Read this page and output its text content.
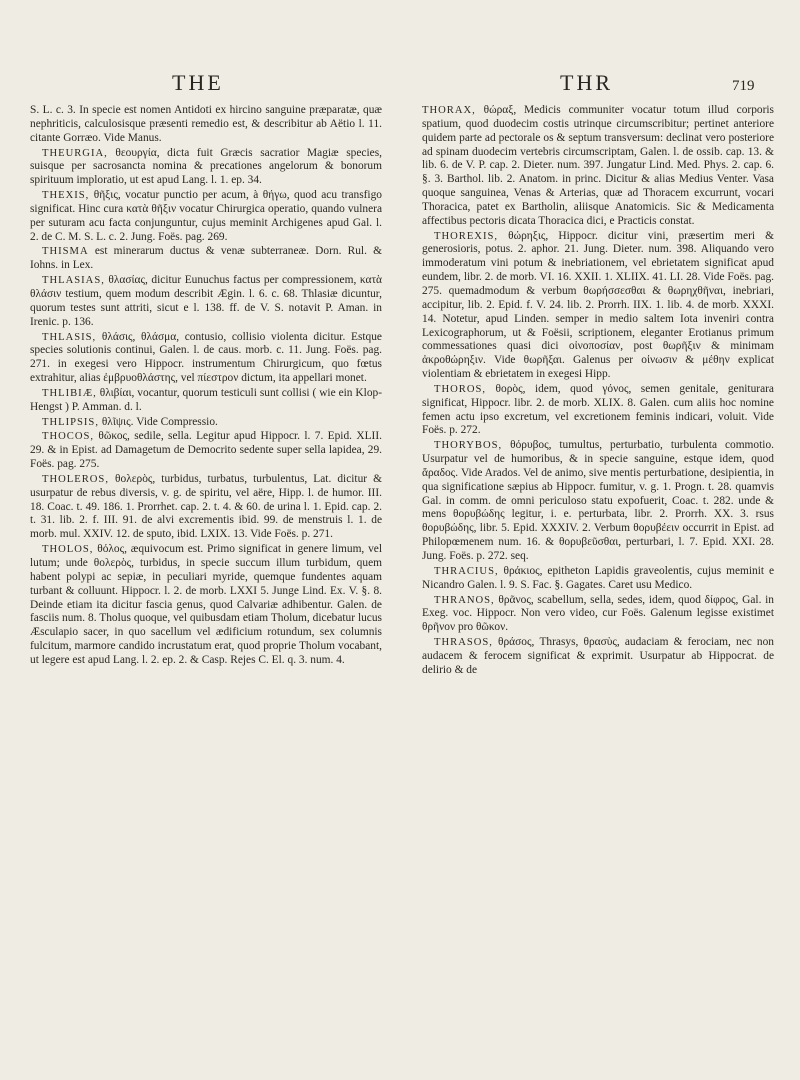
THE	THR	719

S. L. c. 3. In specie est nomen Antidoti ex hircino sanguine præparatæ, quæ nephriticis, calculosisque præsenti remedio est, & describitur ab Aëtio l. 11. citante Gorræo. Vide Manus.

THEURGIA, θεουργία, dicta fuit Græcis sacratior Magiæ species, suisque per sacrosancta nomina & precationes angelorum & bonorum spirituum imploratio, ut est apud Lang. l. 1. ep. 34.

THEXIS, θῆξις, vocatur punctio per acum, à θήγω, quod acu transfigo significat. Hinc cura κατὰ θῆξιν vocatur Chirurgica operatio, quando vulnera per suturam acu facta conjunguntur, cujus meminit Archigenes apud Gal. l. 2. de C. M. S. L. c. 2. Jung. Foës. pag. 269.

THISMA est minerarum ductus & venæ subterraneæ. Dorn. Rul. & Iohns. in Lex.

THLASIAS, θλασίας, dicitur Eunuchus factus per compressionem, κατὰ θλάσιν testium, quem modum describit Ægin. l. 6. c. 68. Thlasiæ dicuntur, quorum testes sunt attriti, sicut e l. 138. ff. de V. S. notavit P. Aman. in Irenic. p. 136.

THLASIS, θλάσις, θλάσμα, contusio, collisio violenta dicitur. Estque species solutionis continui, Galen. l. de caus. morb. c. 11. Jung. Foës. pag. 271. in exegesi vero Hippocr. instrumentum Chirurgicum, quo fœtus extrahitur, alias ἐμβρυοθλάστης, vel πίεστρον dictum, ita appellari monet.

THLIBIÆ, θλιβίαι, vocantur, quorum testiculi sunt collisi ( wie ein Klop-Hengst ) P. Amman. d. l.

THLIPSIS, θλῖψις. Vide Compressio.

THOCOS, θῶκος, sedile, sella. Legitur apud Hippocr. l. 7. Epid. XLII. 29. & in Epist. ad Damagetum de Democrito sedente super sella lapidea, 29. Foës. pag. 275.

THOLEROS, θολερὸς, turbidus, turbatus, turbulentus, Lat. dicitur & usurpatur de rebus diversis, v. g. de spiritu, vel aëre, Hipp. l. de humor. III. 18. Coac. t. 49. 186. 1. Prorrhet. cap. 2. t. 4. & 60. de urina l. 1. Epid. cap. 2. t. 31. lib. 2. f. III. 91. de alvi excrementis ibid. 99. de menstruis l. 1. de morb. mul. XXIV. 12. de sputo, ibid. LXIX. 13. Vide Foës. p. 271.

THOLOS, θόλος, æquivocum est. Primo significat in genere limum, vel lutum; unde θολερὸς, turbidus, in specie succum illum turbidum, quem habent polypi ac sepiæ, in peculiari myride, quemque fundentes aquam turbant & colluunt. Hippocr. l. 2. de morb. LXXI 5. Junge Lind. Ex. V. §. 8. Deinde etiam ita dicitur fascia genus, quod Calvariæ adhibentur. Galen. de fasciis num. 8. Tholus quoque, vel quibusdam etiam Tholum, dicebatur lucus Æsculapio sacer, in quo sacellum vel ædificium rotundum, sex columnis fulcitum, marmore candido incrustatum erat, quod proprie Tholum vocabant, ut legere est apud Lang. l. 2. ep. 2. & Casp. Rejes C. El. q. 3. num. 4.

THORAX, θώραξ, Medicis communiter vocatur totum illud corporis spatium, quod duodecim costis utrinque circumscribitur; pertinet anteriore quidem parte ad pectorale os & septum transversum: declinat vero posteriore ad spinam duodecim vertebris circumscriptam, Galen. l. de ossib. cap. 13. & lib. 6. de V. P. cap. 2. Dieter. num. 397. Jungatur Lind. Med. Phys. 2. cap. 6. §. 3. Barthol. lib. 2. Anatom. in princ. Dicitur & alias Medius Venter. Vasa quoque sanguinea, Venas & Arterias, quæ ad Thoracem excurrunt, vocari Thoracica, patet ex Bartholin, aliisque Anatomicis. Sic & Medicamenta affectibus pectoris dicata Thoracica dici, e Practicis constat.

THOREXIS, θώρηξις, Hippocr. dicitur vini, præsertim meri & generosioris, potus. 2. aphor. 21. Jung. Dieter. num. 398. Aliquando vero immoderatum vini potum & inebriationem, vel ebrietatem significat apud eundem, libr. 2. de morb. VI. 16. XXII. 1. XLIIX. 41. LI. 28. Vide Foës. pag. 275. quemadmodum & verbum θωρήσσεσθαι & θωρηχθῆναι, inebriari, accipitur, lib. 2. Epid. f. V. 24. lib. 2. Prorrh. IIX. 1. lib. 4. de morb. XXXI. 14. Notetur, apud Linden. semper in medio saltem Iota inveniri contra Lexicographorum, ut & Foësii, scriptionem, eleganter Erotianus primum commessationes quasi dici οἰνοποσίαν, post θωρῆξιν & minimam ἀκροθώρηξιν. Vide θωρῆξαι. Galenus per οἰνωσιν & μέθην explicat violentiam & ebrietatem in exegesi Hipp.

THOROS, θορὸς, idem, quod γόνος, semen genitale, geniturara significat, Hippocr. libr. 2. de morb. XLIX. 8. Galen. cum aliis hoc nomine femen actu ipso excretum, vel excretionem feminis indicari, voluit. Vide Foës. p. 272.

THORYBOS, θόρυβος, tumultus, perturbatio, turbulenta commotio. Usurpatur vel de humoribus, & in specie sanguine, estque idem, quod ἄραδος. Vide Arados. Vel de animo, sive mentis perturbatione, desipientia, in qua significatione sæpius ab Hippocr. fumitur, v. g. 1. Progn. t. 28. quamvis Gal. in comm. de omni periculoso statu expofuerit, Coac. t. 282. unde & mens θορυβώδης legitur, i. e. perturbata, libr. 2. Prorrh. XX. 3. rsus θορυβώδης, libr. 5. Epid. XXXIV. 2. Verbum θορυβέειν occurrit in Epist. ad Philopœmenem num. 16. & θορυβεῦσθαι, perturbari, l. 7. Epid. XXI. 28. Jung. Foës. p. 272. seq.

THRACIUS, θράκιος, epitheton Lapidis graveolentis, cujus meminit e Nicandro Galen. l. 9. S. Fac. §. Gagates. Caret usu Medico.

THRANOS, θρᾶνος, scabellum, sella, sedes, idem, quod δίφρος, Gal. in Exeg. voc. Hippocr. Non vero video, cur Foës. Galenum legisse existimet θρῆνον pro θῶκον.

THRASOS, θράσος, Thrasys, θρασὺς, audaciam & ferociam, nec non audacem & ferocem significat & exprimit. Usurpatur ab Hippocrat. de delirio & de
